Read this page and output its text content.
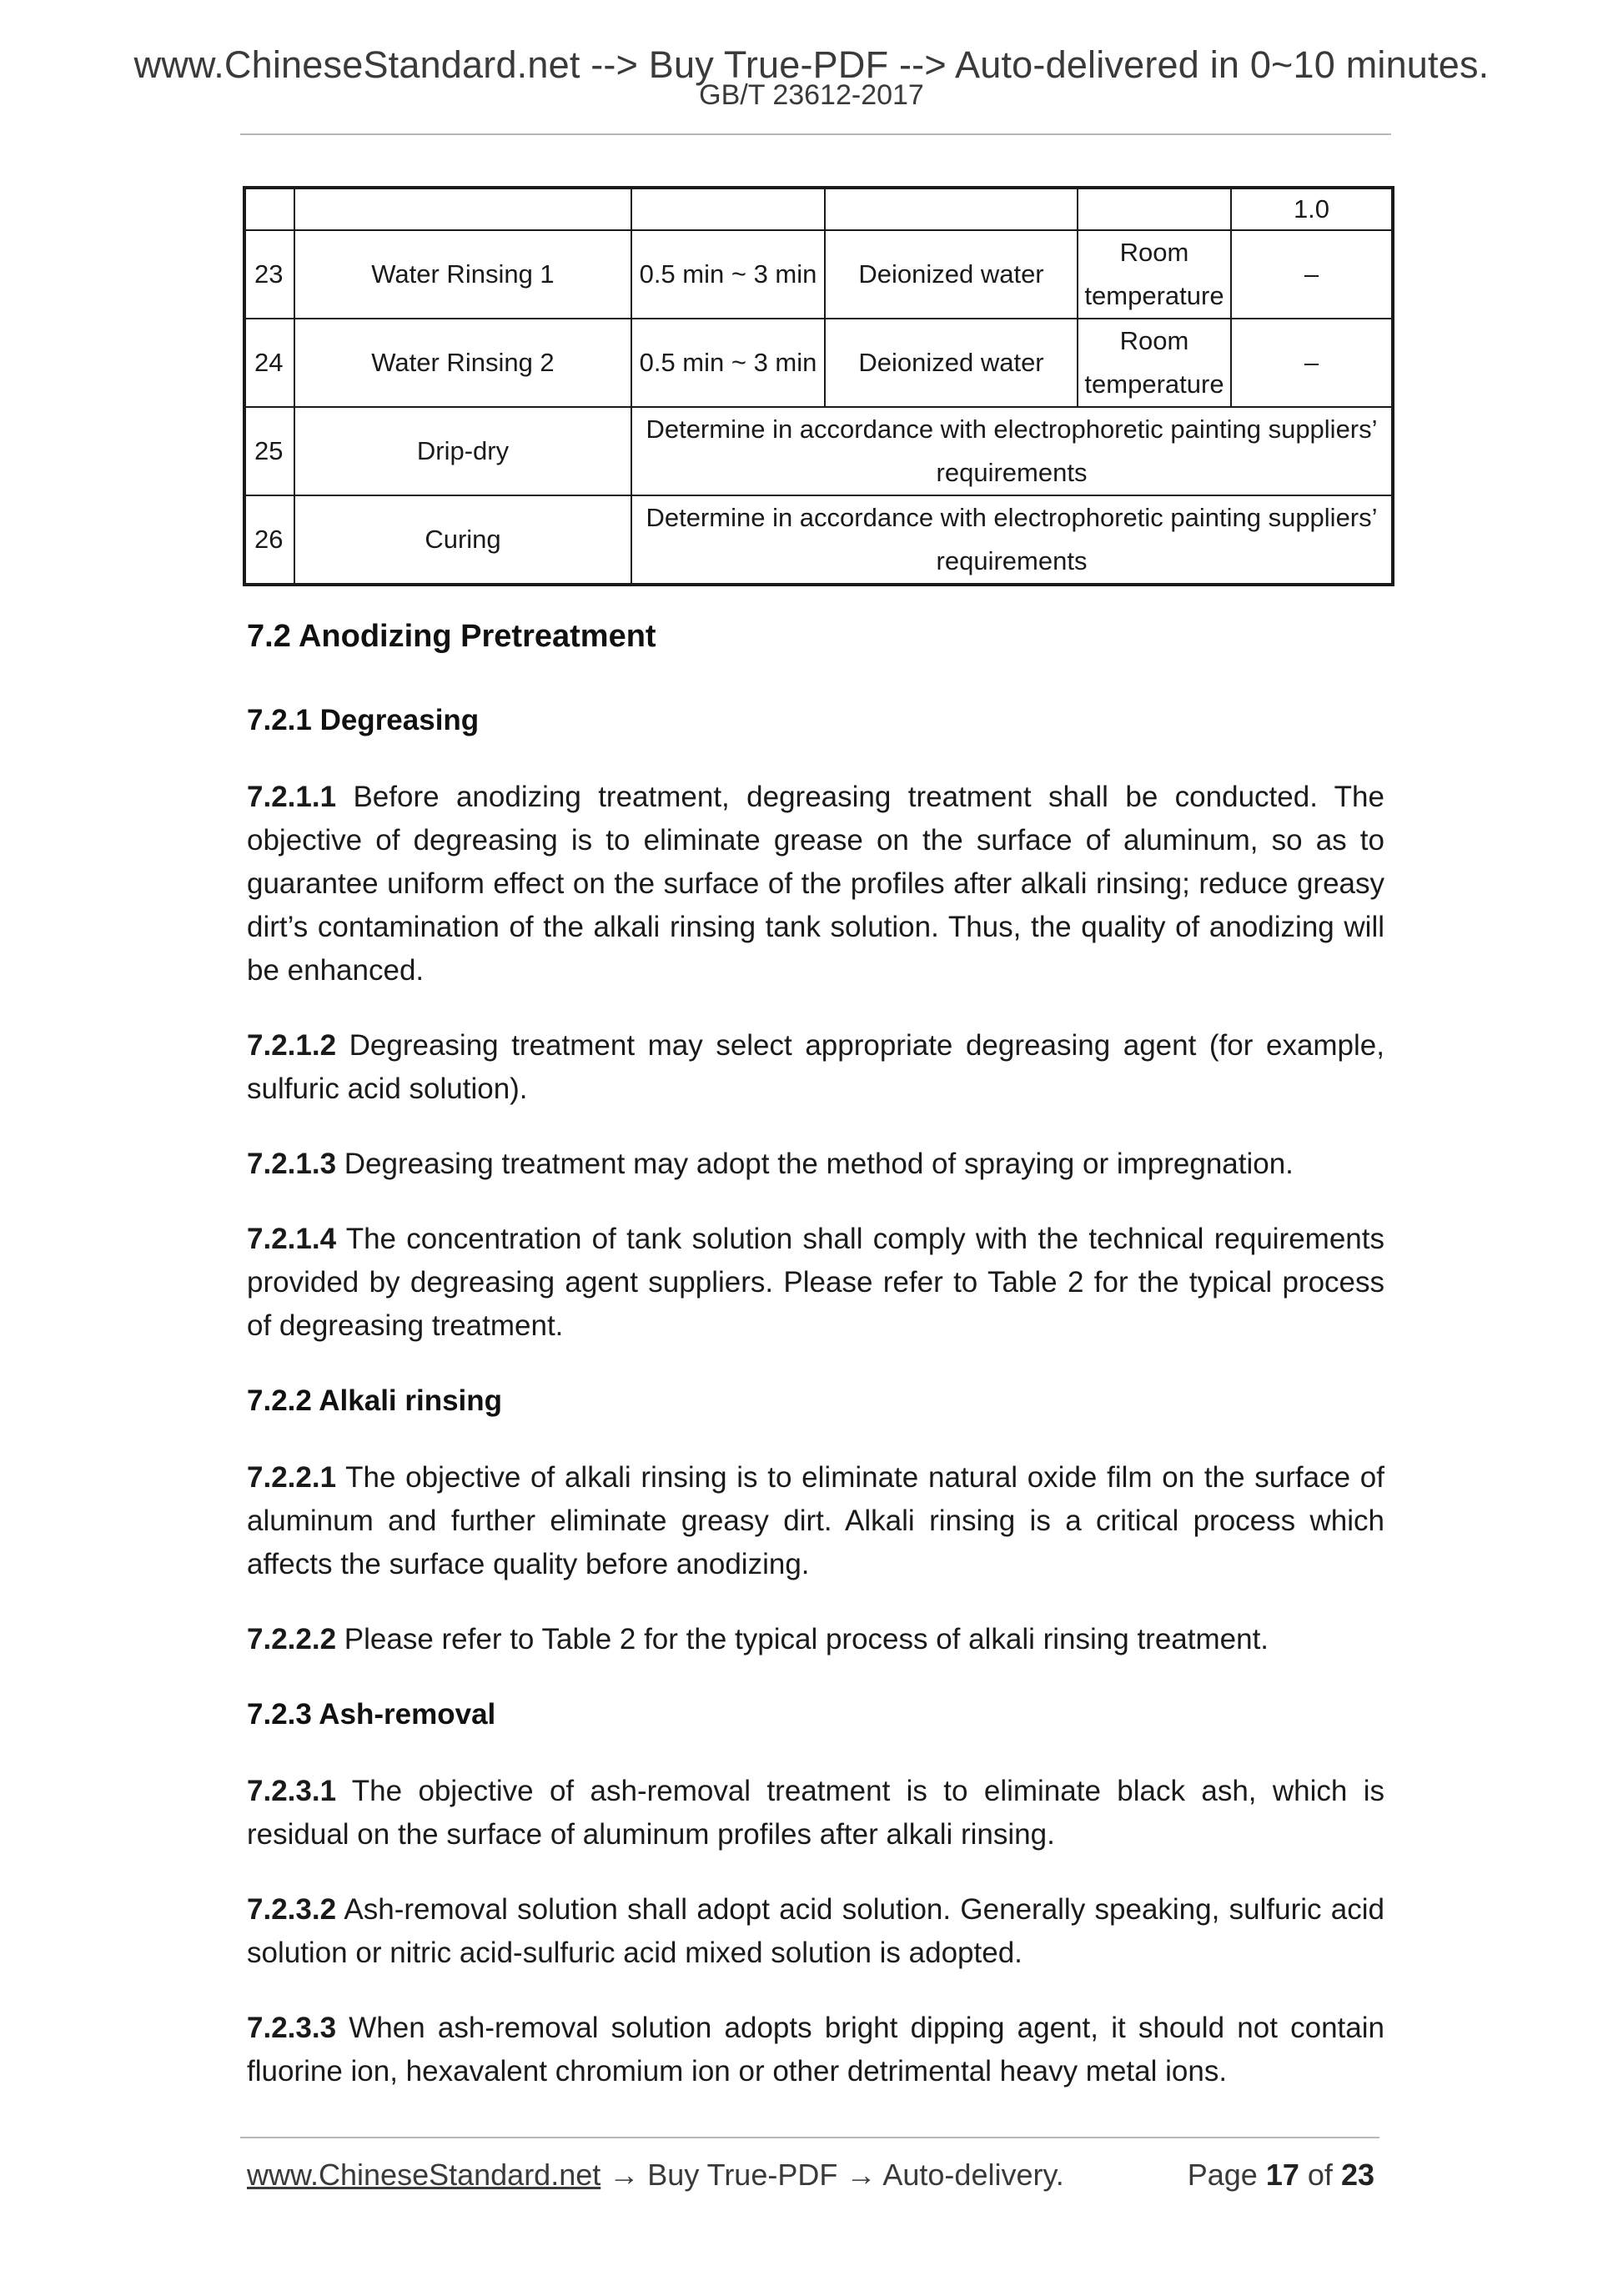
www.ChineseStandard.net --> Buy True-PDF --> Auto-delivered in 0~10 minutes.
GB/T 23612-2017
					1.0
23	Water Rinsing 1	0.5 min ~ 3 min	Deionized water	Room temperature	–
24	Water Rinsing 2	0.5 min ~ 3 min	Deionized water	Room temperature	–
25	Drip-dry	Determine in accordance with electrophoretic painting suppliers’ requirements			
26	Curing	Determine in accordance with electrophoretic painting suppliers’ requirements			
7.2 Anodizing Pretreatment
7.2.1 Degreasing

7.2.1.1 Before anodizing treatment, degreasing treatment shall be conducted. The objective of degreasing is to eliminate grease on the surface of aluminum, so as to guarantee uniform effect on the surface of the profiles after alkali rinsing; reduce greasy dirt’s contamination of the alkali rinsing tank solution. Thus, the quality of anodizing will be enhanced.

7.2.1.2 Degreasing treatment may select appropriate degreasing agent (for example, sulfuric acid solution).

7.2.1.3 Degreasing treatment may adopt the method of spraying or impregnation.

7.2.1.4 The concentration of tank solution shall comply with the technical requirements provided by degreasing agent suppliers. Please refer to Table 2 for the typical process of degreasing treatment.

7.2.2 Alkali rinsing

7.2.2.1 The objective of alkali rinsing is to eliminate natural oxide film on the surface of aluminum and further eliminate greasy dirt. Alkali rinsing is a critical process which affects the surface quality before anodizing.

7.2.2.2 Please refer to Table 2 for the typical process of alkali rinsing treatment.

7.2.3 Ash-removal

7.2.3.1 The objective of ash-removal treatment is to eliminate black ash, which is residual on the surface of aluminum profiles after alkali rinsing.

7.2.3.2 Ash-removal solution shall adopt acid solution. Generally speaking, sulfuric acid solution or nitric acid-sulfuric acid mixed solution is adopted.

7.2.3.3 When ash-removal solution adopts bright dipping agent, it should not contain fluorine ion, hexavalent chromium ion or other detrimental heavy metal ions.

www.ChineseStandard.net → Buy True-PDF → Auto-delivery.	Page 17 of 23
